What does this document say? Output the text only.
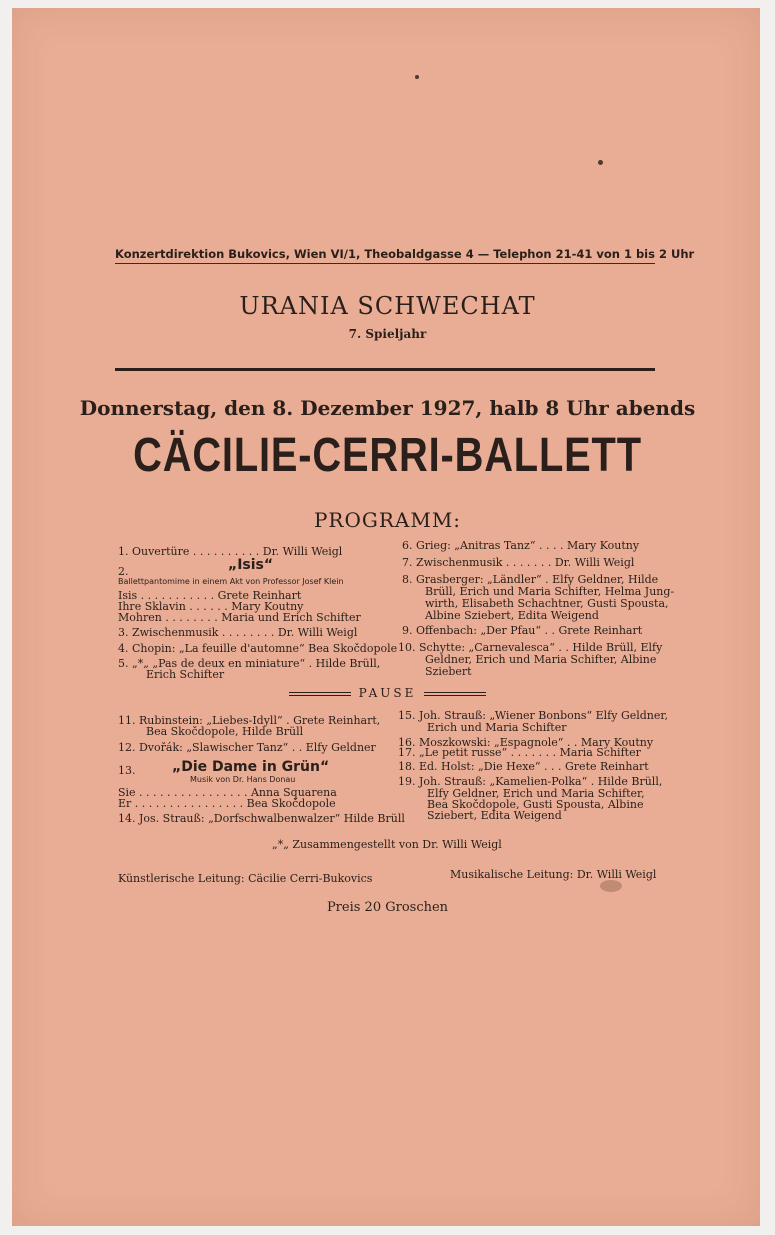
Konzertdirektion Bukovics, Wien VI/1, Theobaldgasse 4 — Telephon 21-41 von 1 bis 2 Uhr
URANIA SCHWECHAT
7. Spieljahr
Donnerstag, den 8. Dezember 1927, halb 8 Uhr abends
CÄCILIE-CERRI-BALLETT
PROGRAMM:
1. Ouvertüre . . . . . . . . . . Dr. Willi Weigl
2.	„Isis“
Ballettpantomime in einem Akt von Professor Josef Klein
Isis . . . . . . . . . . . Grete Reinhart
Ihre Sklavin . . . . . . Mary Koutny
Mohren . . . . . . . . Maria und Erich Schifter
3. Zwischenmusik . . . . . . . . Dr. Willi Weigl
4. Chopin: „La feuille d'automne“ Bea Skočdopole
5. „*„ „Pas de deux en miniature“ . Hilde Brüll,
Erich Schifter
6. Grieg: „Anitras Tanz“ . . . . Mary Koutny
7. Zwischenmusik . . . . . . . Dr. Willi Weigl
8. Grasberger: „Ländler“ . Elfy Geldner, Hilde
Brüll, Erich und Maria Schifter, Helma Jung-
wirth, Elisabeth Schachtner, Gusti Spousta,
Albine Sziebert, Edita Weigend
9. Offenbach: „Der Pfau“ . . Grete Reinhart
10. Schytte: „Carnevalesca“ . . Hilde Brüll, Elfy
Geldner, Erich und Maria Schifter, Albine
Sziebert
PAUSE
11. Rubinstein: „Liebes-Idyll“ . Grete Reinhart,
Bea Skočdopole, Hilde Brüll
12. Dvořák: „Slawischer Tanz“ . . Elfy Geldner
13.	„Die Dame in Grün“
Musik von Dr. Hans Donau
Sie . . . . . . . . . . . . . . . . Anna Squarena
Er . . . . . . . . . . . . . . . . Bea Skočdopole
14. Jos. Strauß: „Dorfschwalbenwalzer“ Hilde Brüll
15. Joh. Strauß: „Wiener Bonbons“ Elfy Geldner,
Erich und Maria Schifter
16. Moszkowski: „Espagnole“ . . Mary Koutny
17. „Le petit russe“ . . . . . . . Maria Schifter
18. Ed. Holst: „Die Hexe“ . . . Grete Reinhart
19. Joh. Strauß: „Kamelien-Polka“ . Hilde Brüll,
Elfy Geldner, Erich und Maria Schifter,
Bea Skočdopole, Gusti Spousta, Albine
Sziebert, Edita Weigend
„*„ Zusammengestellt von Dr. Willi Weigl
Künstlerische Leitung: Cäcilie Cerri-Bukovics	Musikalische Leitung: Dr. Willi Weigl
Preis 20 Groschen
